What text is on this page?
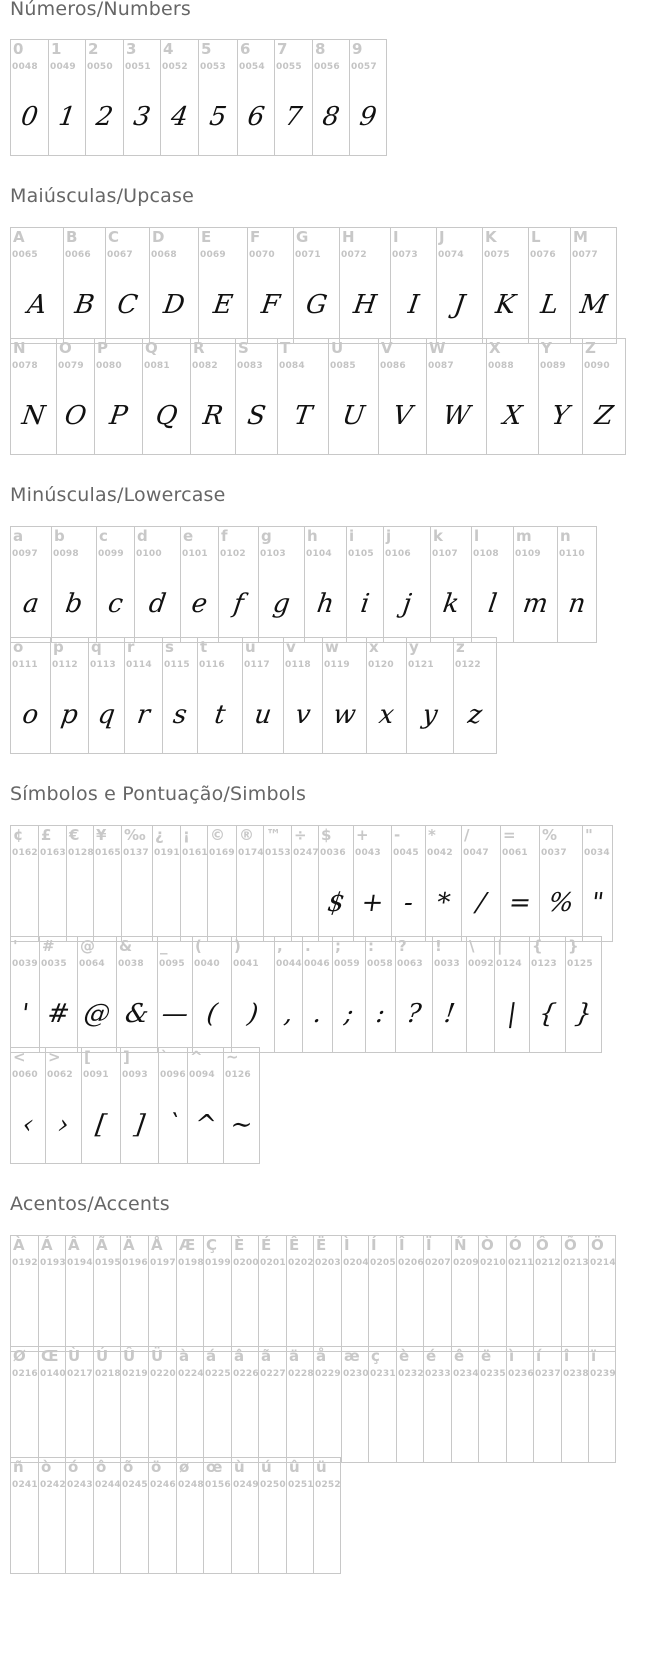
Números/Numbers
0
0048
0
1
0049
1
2
0050
2
3
0051
3
4
0052
4
5
0053
5
6
0054
6
7
0055
7
8
0056
8
9
0057
9
Maiúsculas/Upcase
A
0065
A
B
0066
B
C
0067
C
D
0068
D
E
0069
E
F
0070
F
G
0071
G
H
0072
H
I
0073
I
J
0074
J
K
0075
K
L
0076
L
M
0077
M
N
0078
N
O
0079
O
P
0080
P
Q
0081
Q
R
0082
R
S
0083
S
T
0084
T
U
0085
U
V
0086
V
W
0087
W
X
0088
X
Y
0089
Y
Z
0090
Z
Minúsculas/Lowercase
a
0097
a
b
0098
b
c
0099
c
d
0100
d
e
0101
e
f
0102
f
g
0103
g
h
0104
h
i
0105
i
j
0106
j
k
0107
k
l
0108
l
m
0109
m
n
0110
n
o
0111
o
p
0112
p
q
0113
q
r
0114
r
s
0115
s
t
0116
t
u
0117
u
v
0118
v
w
0119
w
x
0120
x
y
0121
y
z
0122
z
Símbolos e Pontuação/Simbols
¢
0162
£
0163
€
0128
¥
0165
‰
0137
¿
0191
¡
0161
©
0169
®
0174
™
0153
÷
0247
$
0036
$
+
0043
+
-
0045
-
*
0042
*
/
0047
/
=
0061
=
%
0037
%
"
0034
"
'
0039
'
#
0035
#
@
0064
@
&
0038
&
_
0095
—
(
0040
(
)
0041
)
,
0044
,
.
0046
.
;
0059
;
:
0058
:
?
0063
?
!
0033
!
\
0092
|
0124
|
{
0123
{
}
0125
}
<
0060
‹
>
0062
›
[
0091
[
]
0093
]
`
0096
`
^
0094
^
~
0126
~
Acentos/Accents
À
0192
Á
0193
Â
0194
Ã
0195
Ä
0196
Å
0197
Æ
0198
Ç
0199
È
0200
É
0201
Ê
0202
Ë
0203
Ì
0204
Í
0205
Î
0206
Ï
0207
Ñ
0209
Ò
0210
Ó
0211
Ô
0212
Õ
0213
Ö
0214
Ø
0216
Œ
0140
Ù
0217
Ú
0218
Û
0219
Ü
0220
à
0224
á
0225
â
0226
ã
0227
ä
0228
å
0229
æ
0230
ç
0231
è
0232
é
0233
ê
0234
ë
0235
ì
0236
í
0237
î
0238
ï
0239
ñ
0241
ò
0242
ó
0243
ô
0244
õ
0245
ö
0246
ø
0248
œ
0156
ù
0249
ú
0250
û
0251
ü
0252
